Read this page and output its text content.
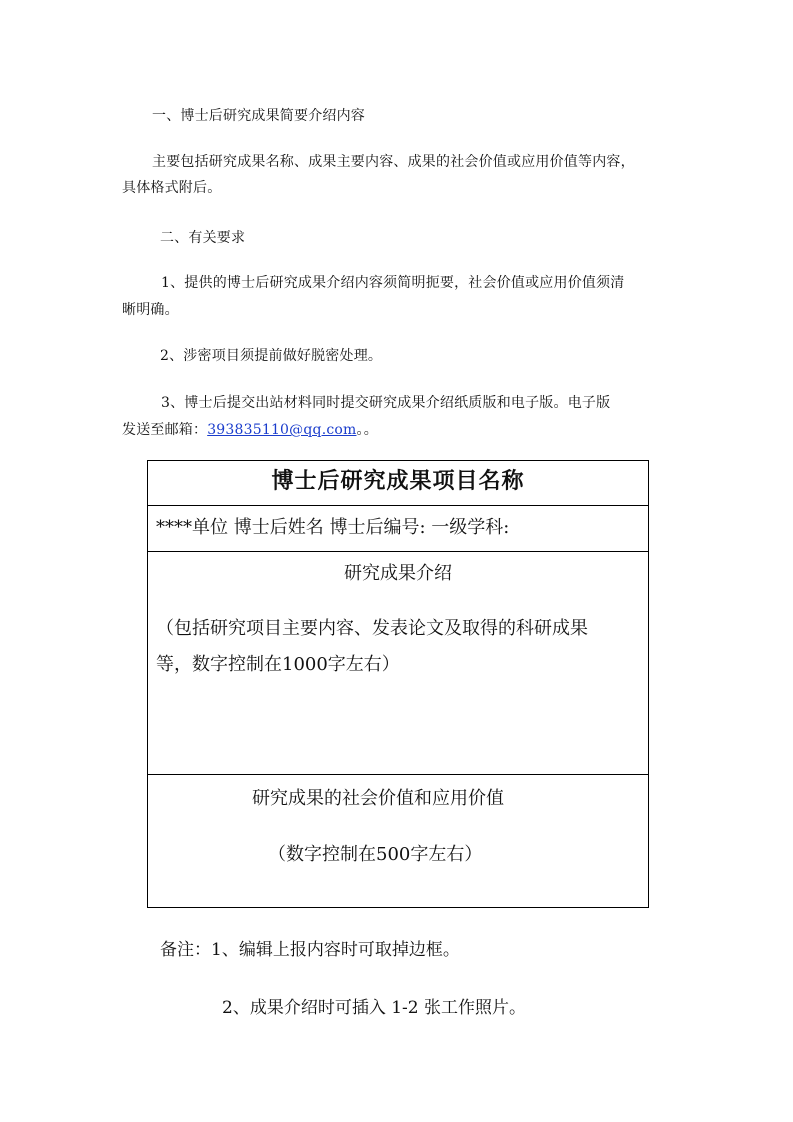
一、博士后研究成果简要介绍内容
主要包括研究成果名称、成果主要内容、成果的社会价值或应用价值等内容，
具体格式附后。
二、有关要求
1、提供的博士后研究成果介绍内容须简明扼要，社会价值或应用价值须清
晰明确。
2、涉密项目须提前做好脱密处理。
3、博士后提交出站材料同时提交研究成果介绍纸质版和电子版。电子版
发送至邮箱：393835110@qq.com。。
博士后研究成果项目名称
****单位 博士后姓名 博士后编号: 一级学科:
研究成果介绍
（包括研究项目主要内容、发表论文及取得的科研成果
等，数字控制在1000字左右）
研究成果的社会价值和应用价值
（数字控制在500字左右）
备注：1、编辑上报内容时可取掉边框。
2、成果介绍时可插入 1-2 张工作照片。
